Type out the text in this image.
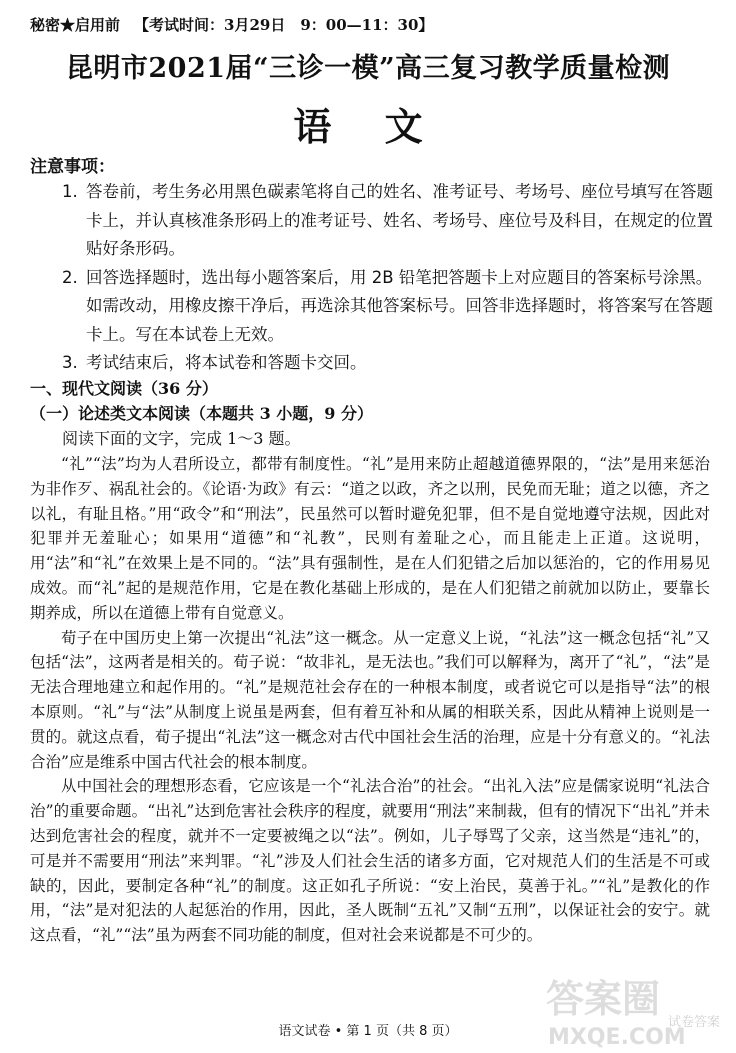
秘密★启用前 【考试时间：3月29日　9：00—11：30】
昆明市2021届“三诊一模”高三复习教学质量检测
语 文
注意事项：
1. 答卷前，考生务必用黑色碳素笔将自己的姓名、准考证号、考场号、座位号填写在答题卡上，并认真核准条形码上的准考证号、姓名、考场号、座位号及科目，在规定的位置贴好条形码。
2. 回答选择题时，选出每小题答案后，用 2B 铅笔把答题卡上对应题目的答案标号涂黑。如需改动，用橡皮擦干净后，再选涂其他答案标号。回答非选择题时，将答案写在答题卡上。写在本试卷上无效。
3. 考试结束后，将本试卷和答题卡交回。
一、现代文阅读（36 分）
（一）论述类文本阅读（本题共 3 小题，9 分）
阅读下面的文字，完成 1～3 题。

“礼”“法”均为人君所设立，都带有制度性。“礼”是用来防止超越道德界限的，“法”是用来惩治为非作歹、祸乱社会的。《论语·为政》有云：“道之以政，齐之以刑，民免而无耻；道之以德，齐之以礼，有耻且格。”用“政令”和“刑法”，民虽然可以暂时避免犯罪，但不是自觉地遵守法规，因此对犯罪并无羞耻心；如果用“道德”和“礼教”，民则有羞耻之心，而且能走上正道。这说明，用“法”和“礼”在效果上是不同的。“法”具有强制性，是在人们犯错之后加以惩治的，它的作用易见成效。而“礼”起的是规范作用，它是在教化基础上形成的，是在人们犯错之前就加以防止，要靠长期养成，所以在道德上带有自觉意义。

荀子在中国历史上第一次提出“礼法”这一概念。从一定意义上说，“礼法”这一概念包括“礼”又包括“法”，这两者是相关的。荀子说：“故非礼，是无法也。”我们可以解释为，离开了“礼”，“法”是无法合理地建立和起作用的。“礼”是规范社会存在的一种根本制度，或者说它可以是指导“法”的根本原则。“礼”与“法”从制度上说虽是两套，但有着互补和从属的相联关系，因此从精神上说则是一贯的。就这点看，荀子提出“礼法”这一概念对古代中国社会生活的治理，应是十分有意义的。“礼法合治”应是维系中国古代社会的根本制度。

从中国社会的理想形态看，它应该是一个“礼法合治”的社会。“出礼入法”应是儒家说明“礼法合治”的重要命题。“出礼”达到危害社会秩序的程度，就要用“刑法”来制裁，但有的情况下“出礼”并未达到危害社会的程度，就并不一定要被绳之以“法”。例如，儿子辱骂了父亲，这当然是“违礼”的，可是并不需要用“刑法”来判罪。“礼”涉及人们社会生活的诸多方面，它对规范人们的生活是不可或缺的，因此，要制定各种“礼”的制度。这正如孔子所说：“安上治民，莫善于礼。”“礼”是教化的作用，“法”是对犯法的人起惩治的作用，因此，圣人既制“五礼”又制“五刑”，以保证社会的安宁。就这点看，“礼”“法”虽为两套不同功能的制度，但对社会来说都是不可少的。

语文试卷 • 第 1 页（共 8 页）
答案圈
MXQE.COM
试卷答案
